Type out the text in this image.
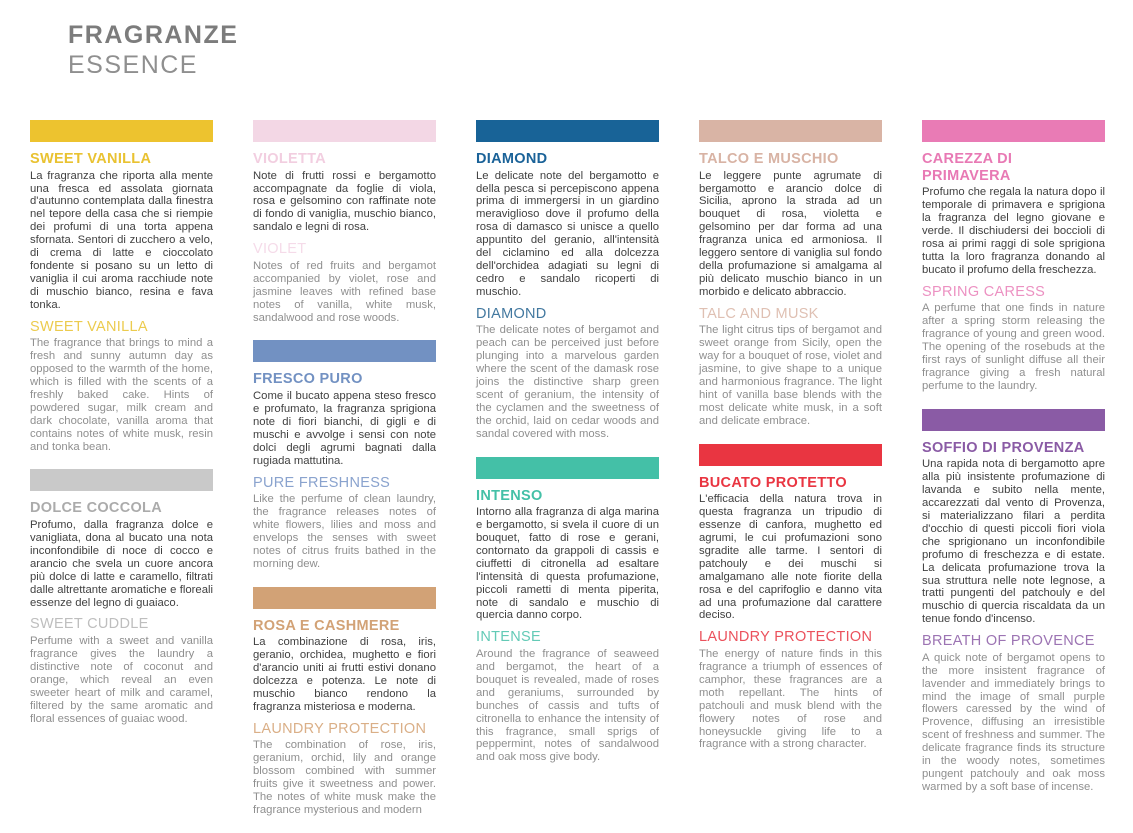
FRAGRANZE
ESSENCE
SWEET VANILLA

La fragranza che riporta alla mente una fresca ed assolata giornata d'autunno contemplata dalla finestra nel tepore della casa che si riempie dei profumi di una torta appena sfornata. Sentori di zucchero a velo, di crema di latte e cioccolato fondente si posano su un letto di vaniglia il cui aroma racchiude note di muschio bianco, resina e fava tonka.

SWEET VANILLA

The fragrance that brings to mind a fresh and sunny autumn day as opposed to the warmth of the home, which is filled with the scents of a freshly baked cake. Hints of powdered sugar, milk cream and dark chocolate, vanilla aroma that contains notes of white musk, resin and tonka bean.

DOLCE COCCOLA

Profumo, dalla fragranza dolce e vanigliata, dona al bucato una nota inconfondibile di noce di cocco e arancio che svela un cuore ancora più dolce di latte e caramello, filtrati dalle altrettante aromatiche e floreali essenze del legno di guaiaco.

SWEET CUDDLE

Perfume with a sweet and vanilla fragrance gives the laundry a distinctive note of coconut and orange, which reveal an even sweeter heart of milk and caramel, filtered by the same aromatic and floral essences of guaiac wood.

VIOLETTA

Note di frutti rossi e bergamotto accompagnate da foglie di viola, rosa e gelsomino con raffinate note di fondo di vaniglia, muschio bianco, sandalo e legni di rosa.

VIOLET

Notes of red fruits and bergamot accompanied by violet, rose and jasmine leaves with refined base notes of vanilla, white musk, sandalwood and rose woods.

FRESCO PURO

Come il bucato appena steso fresco e profumato, la fragranza sprigiona note di fiori bianchi, di gigli e di muschi e avvolge i sensi con note dolci degli agrumi bagnati dalla rugiada mattutina.

PURE FRESHNESS

Like the perfume of clean laundry, the fragrance releases notes of white flowers, lilies and moss and envelops the senses with sweet notes of citrus fruits bathed in the morning dew.

ROSA E CASHMERE

La combinazione di rosa, iris, geranio, orchidea, mughetto e fiori d'arancio uniti ai frutti estivi donano dolcezza e potenza. Le note di muschio bianco rendono la fragranza misteriosa e moderna.

LAUNDRY PROTECTION

The combination of rose, iris, geranium, orchid, lily and orange blossom combined with summer fruits give it sweetness and power. The notes of white musk make the fragrance mysterious and modern

DIAMOND

Le delicate note del bergamotto e della pesca si percepiscono appena prima di immergersi in un giardino meraviglioso dove il profumo della rosa di damasco si unisce a quello appuntito del geranio, all'intensità del ciclamino ed alla dolcezza dell'orchidea adagiati su legni di cedro e sandalo ricoperti di muschio.

DIAMOND

The delicate notes of bergamot and peach can be perceived just before plunging into a marvelous garden where the scent of the damask rose joins the distinctive sharp green scent of geranium, the intensity of the cyclamen and the sweetness of the orchid, laid on cedar woods and sandal covered with moss.

INTENSO

Intorno alla fragranza di alga marina e bergamotto, si svela il cuore di un bouquet, fatto di rose e gerani, contornato da grappoli di cassis e ciuffetti di citronella ad esaltare l'intensità di questa profumazione, piccoli rametti di menta piperita, note di sandalo e muschio di quercia danno corpo.

INTENSE

Around the fragrance of seaweed and bergamot, the heart of a bouquet is revealed, made of roses and geraniums, surrounded by bunches of cassis and tufts of citronella to enhance the intensity of this fragrance, small sprigs of peppermint, notes of sandalwood and oak moss give body.

TALCO E MUSCHIO

Le leggere punte agrumate di bergamotto e arancio dolce di Sicilia, aprono la strada ad un bouquet di rosa, violetta e gelsomino per dar forma ad una fragranza unica ed armoniosa. Il leggero sentore di vaniglia sul fondo della profumazione si amalgama al più delicato muschio bianco in un morbido e delicato abbraccio.

TALC AND MUSK

The light citrus tips of bergamot and sweet orange from Sicily, open the way for a bouquet of rose, violet and jasmine, to give shape to a unique and harmonious fragrance. The light hint of vanilla base blends with the most delicate white musk, in a soft and delicate embrace.

BUCATO PROTETTO

L'efficacia della natura trova in questa fragranza un tripudio di essenze di canfora, mughetto ed agrumi, le cui profumazioni sono sgradite alle tarme. I sentori di patchouly e dei muschi si amalgamano alle note fiorite della rosa e del caprifoglio e danno vita ad una profumazione dal carattere deciso.

LAUNDRY PROTECTION

The energy of nature finds in this fragrance a triumph of essences of camphor, these fragrances are a moth repellant. The hints of patchouli and musk blend with the flowery notes of rose and honeysuckle giving life to a fragrance with a strong character.

CAREZZA DI PRIMAVERA

Profumo che regala la natura dopo il temporale di primavera e sprigiona la fragranza del legno giovane e verde. Il dischiudersi dei boccioli di rosa ai primi raggi di sole sprigiona tutta la loro fragranza donando al bucato il profumo della freschezza.

SPRING CARESS

A perfume that one finds in nature after a spring storm releasing the fragrance of young and green wood. The opening of the rosebuds at the first rays of sunlight diffuse all their fragrance giving a fresh natural perfume to the laundry.

SOFFIO DI PROVENZA

Una rapida nota di bergamotto apre alla più insistente profumazione di lavanda e subito nella mente, accarezzati dal vento di Provenza, si materializzano filari a perdita d'occhio di questi piccoli fiori viola che sprigionano un inconfondibile profumo di freschezza e di estate. La delicata profumazione trova la sua struttura nelle note legnose, a tratti pungenti del patchouly e del muschio di quercia riscaldata da un tenue fondo d'incenso.

BREATH OF PROVENCE

A quick note of bergamot opens to the more insistent fragrance of lavender and immediately brings to mind the image of small purple flowers caressed by the wind of Provence, diffusing an irresistible scent of freshness and summer. The delicate fragrance finds its structure in the woody notes, sometimes pungent patchouly and oak moss warmed by a soft base of incense.
